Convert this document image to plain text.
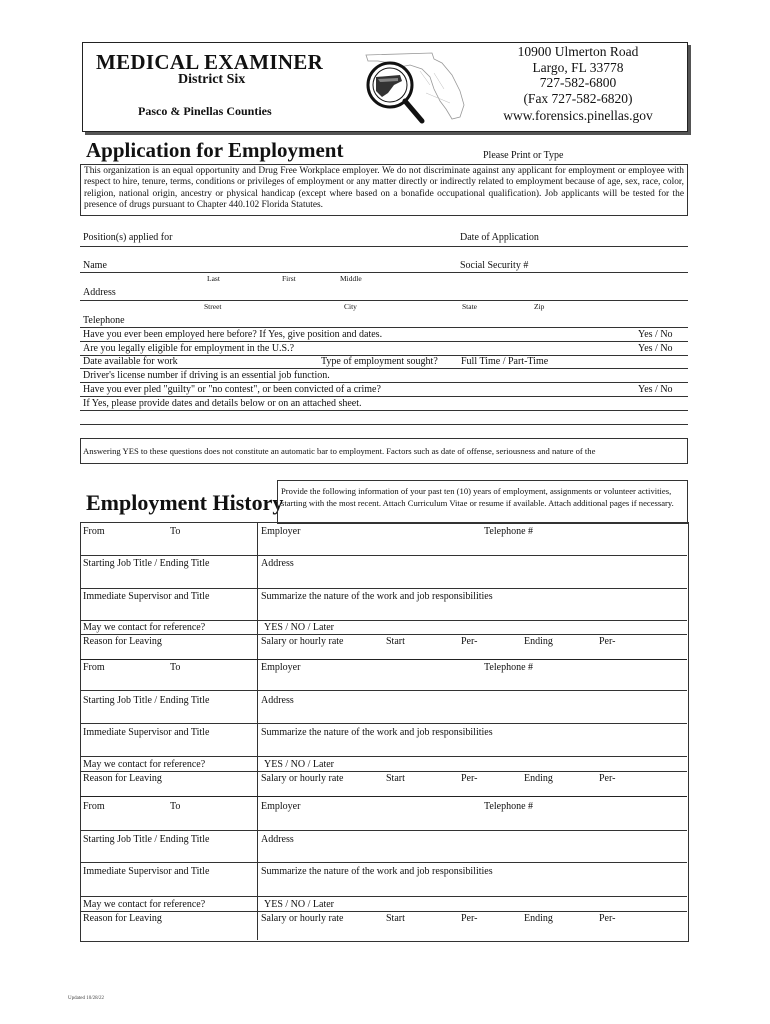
MEDICAL EXAMINER
District Six
Pasco & Pinellas Counties
10900 Ulmerton Road
Largo, FL 33778
727-582-6800
(Fax 727-582-6820)
www.forensics.pinellas.gov
Application for Employment	Please Print or Type
This organization is an equal opportunity and Drug Free Workplace employer. We do not discriminate against any applicant for employment or employee with respect to hire, tenure, terms, conditions or privileges of employment or any matter directly or indirectly related to employment because of age, sex, race, color, religion, national origin, ancestry or physical handicap (except where based on a bonafide occupational qualification). Job applicants will be tested for the presence of drugs pursuant to Chapter 440.102 Florida Statutes.
Position(s) applied for	Date of Application
Name	Social Security #
Last	First	Middle
Address
Street	City	State	Zip
Telephone
Have you ever been employed here before? If Yes, give position and dates.	Yes / No
Are you legally eligible for employment in the U.S.?	Yes / No
Date available for work	Type of employment sought? Full Time / Part-Time
Driver's license number if driving is an essential job function.
Have you ever pled "guilty" or "no contest", or been convicted of a crime?	Yes / No
If Yes, please provide dates and details below or on an attached sheet.
Answering YES to these questions does not constitute an automatic bar to employment. Factors such as date of offense, seriousness and nature of the
Employment History
Provide the following information of your past ten (10) years of employment, assignments or volunteer activities, starting with the most recent. Attach Curriculum Vitae or resume if available. Attach additional pages if necessary.
From	To	Employer	Telephone #
Starting Job Title / Ending Title	Address
Immediate Supervisor and Title	Summarize the nature of the work and job responsibilities
May we contact for reference?	YES / NO / Later
Reason for Leaving	Salary or hourly rate	Start	Per-	Ending	Per-
From	To	Employer	Telephone #
Starting Job Title / Ending Title	Address
Immediate Supervisor and Title	Summarize the nature of the work and job responsibilities
May we contact for reference?	YES / NO / Later
Reason for Leaving	Salary or hourly rate	Start	Per-	Ending	Per-
From	To	Employer	Telephone #
Starting Job Title / Ending Title	Address
Immediate Supervisor and Title	Summarize the nature of the work and job responsibilities
May we contact for reference?	YES / NO / Later
Reason for Leaving	Salary or hourly rate	Start	Per-	Ending	Per-
Updated 10/28/22
